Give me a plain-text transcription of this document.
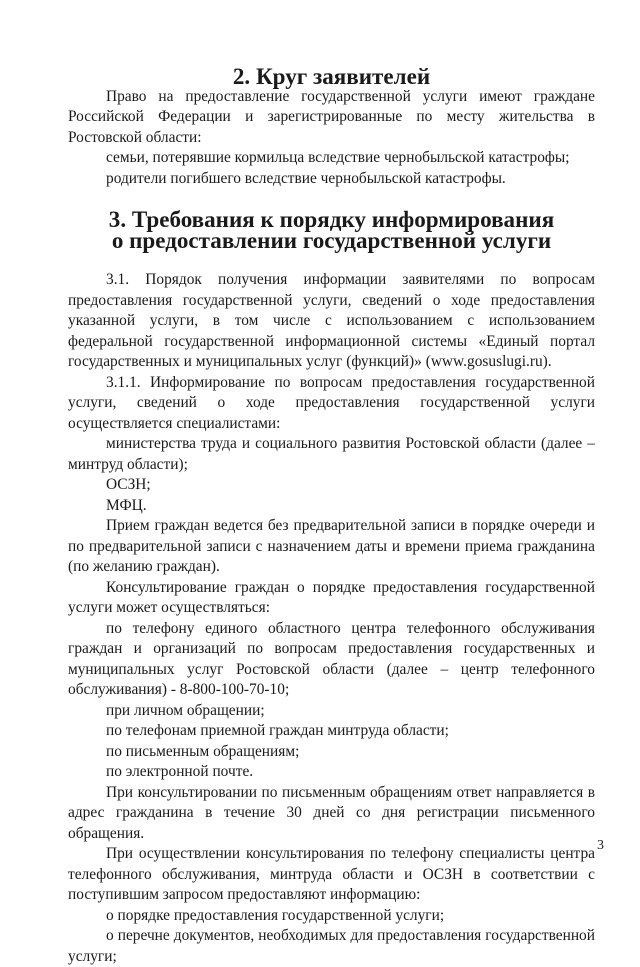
2. Круг заявителей

Право на предоставление государственной услуги имеют граждане Российской Федерации и зарегистрированные по месту жительства в Ростовской области:

семьи, потерявшие кормильца вследствие чернобыльской катастрофы;

родители погибшего вследствие чернобыльской катастрофы.

3. Требования к порядку информирования о предоставлении государственной услуги

3.1. Порядок получения информации заявителями по вопросам предоставления государственной услуги, сведений о ходе предоставления указанной услуги, в том числе с использованием с использованием федеральной государственной информационной системы «Единый портал государственных и муниципальных услуг (функций)» (www.gosuslugi.ru).

3.1.1. Информирование по вопросам предоставления государственной услуги, сведений о ходе предоставления государственной услуги осуществляется специалистами:

министерства труда и социального развития Ростовской области (далее – минтруд области);

ОСЗН;

МФЦ.

Прием граждан ведется без предварительной записи в порядке очереди и по предварительной записи с назначением даты и времени приема гражданина (по желанию граждан).

Консультирование граждан о порядке предоставления государственной услуги может осуществляться:

по телефону единого областного центра телефонного обслуживания граждан и организаций по вопросам предоставления государственных и муниципальных услуг Ростовской области (далее – центр телефонного обслуживания) - 8-800-100-70-10;

при личном обращении;

по телефонам приемной граждан минтруда области;

по письменным обращениям;

по электронной почте.

При консультировании по письменным обращениям ответ направляется в адрес гражданина в течение 30 дней со дня регистрации письменного обращения.

При осуществлении консультирования по телефону специалисты центра телефонного обслуживания, минтруда области и ОСЗН в соответствии с поступившим запросом предоставляют информацию:

о порядке предоставления государственной услуги;

о перечне документов, необходимых для предоставления государственной услуги;

3
